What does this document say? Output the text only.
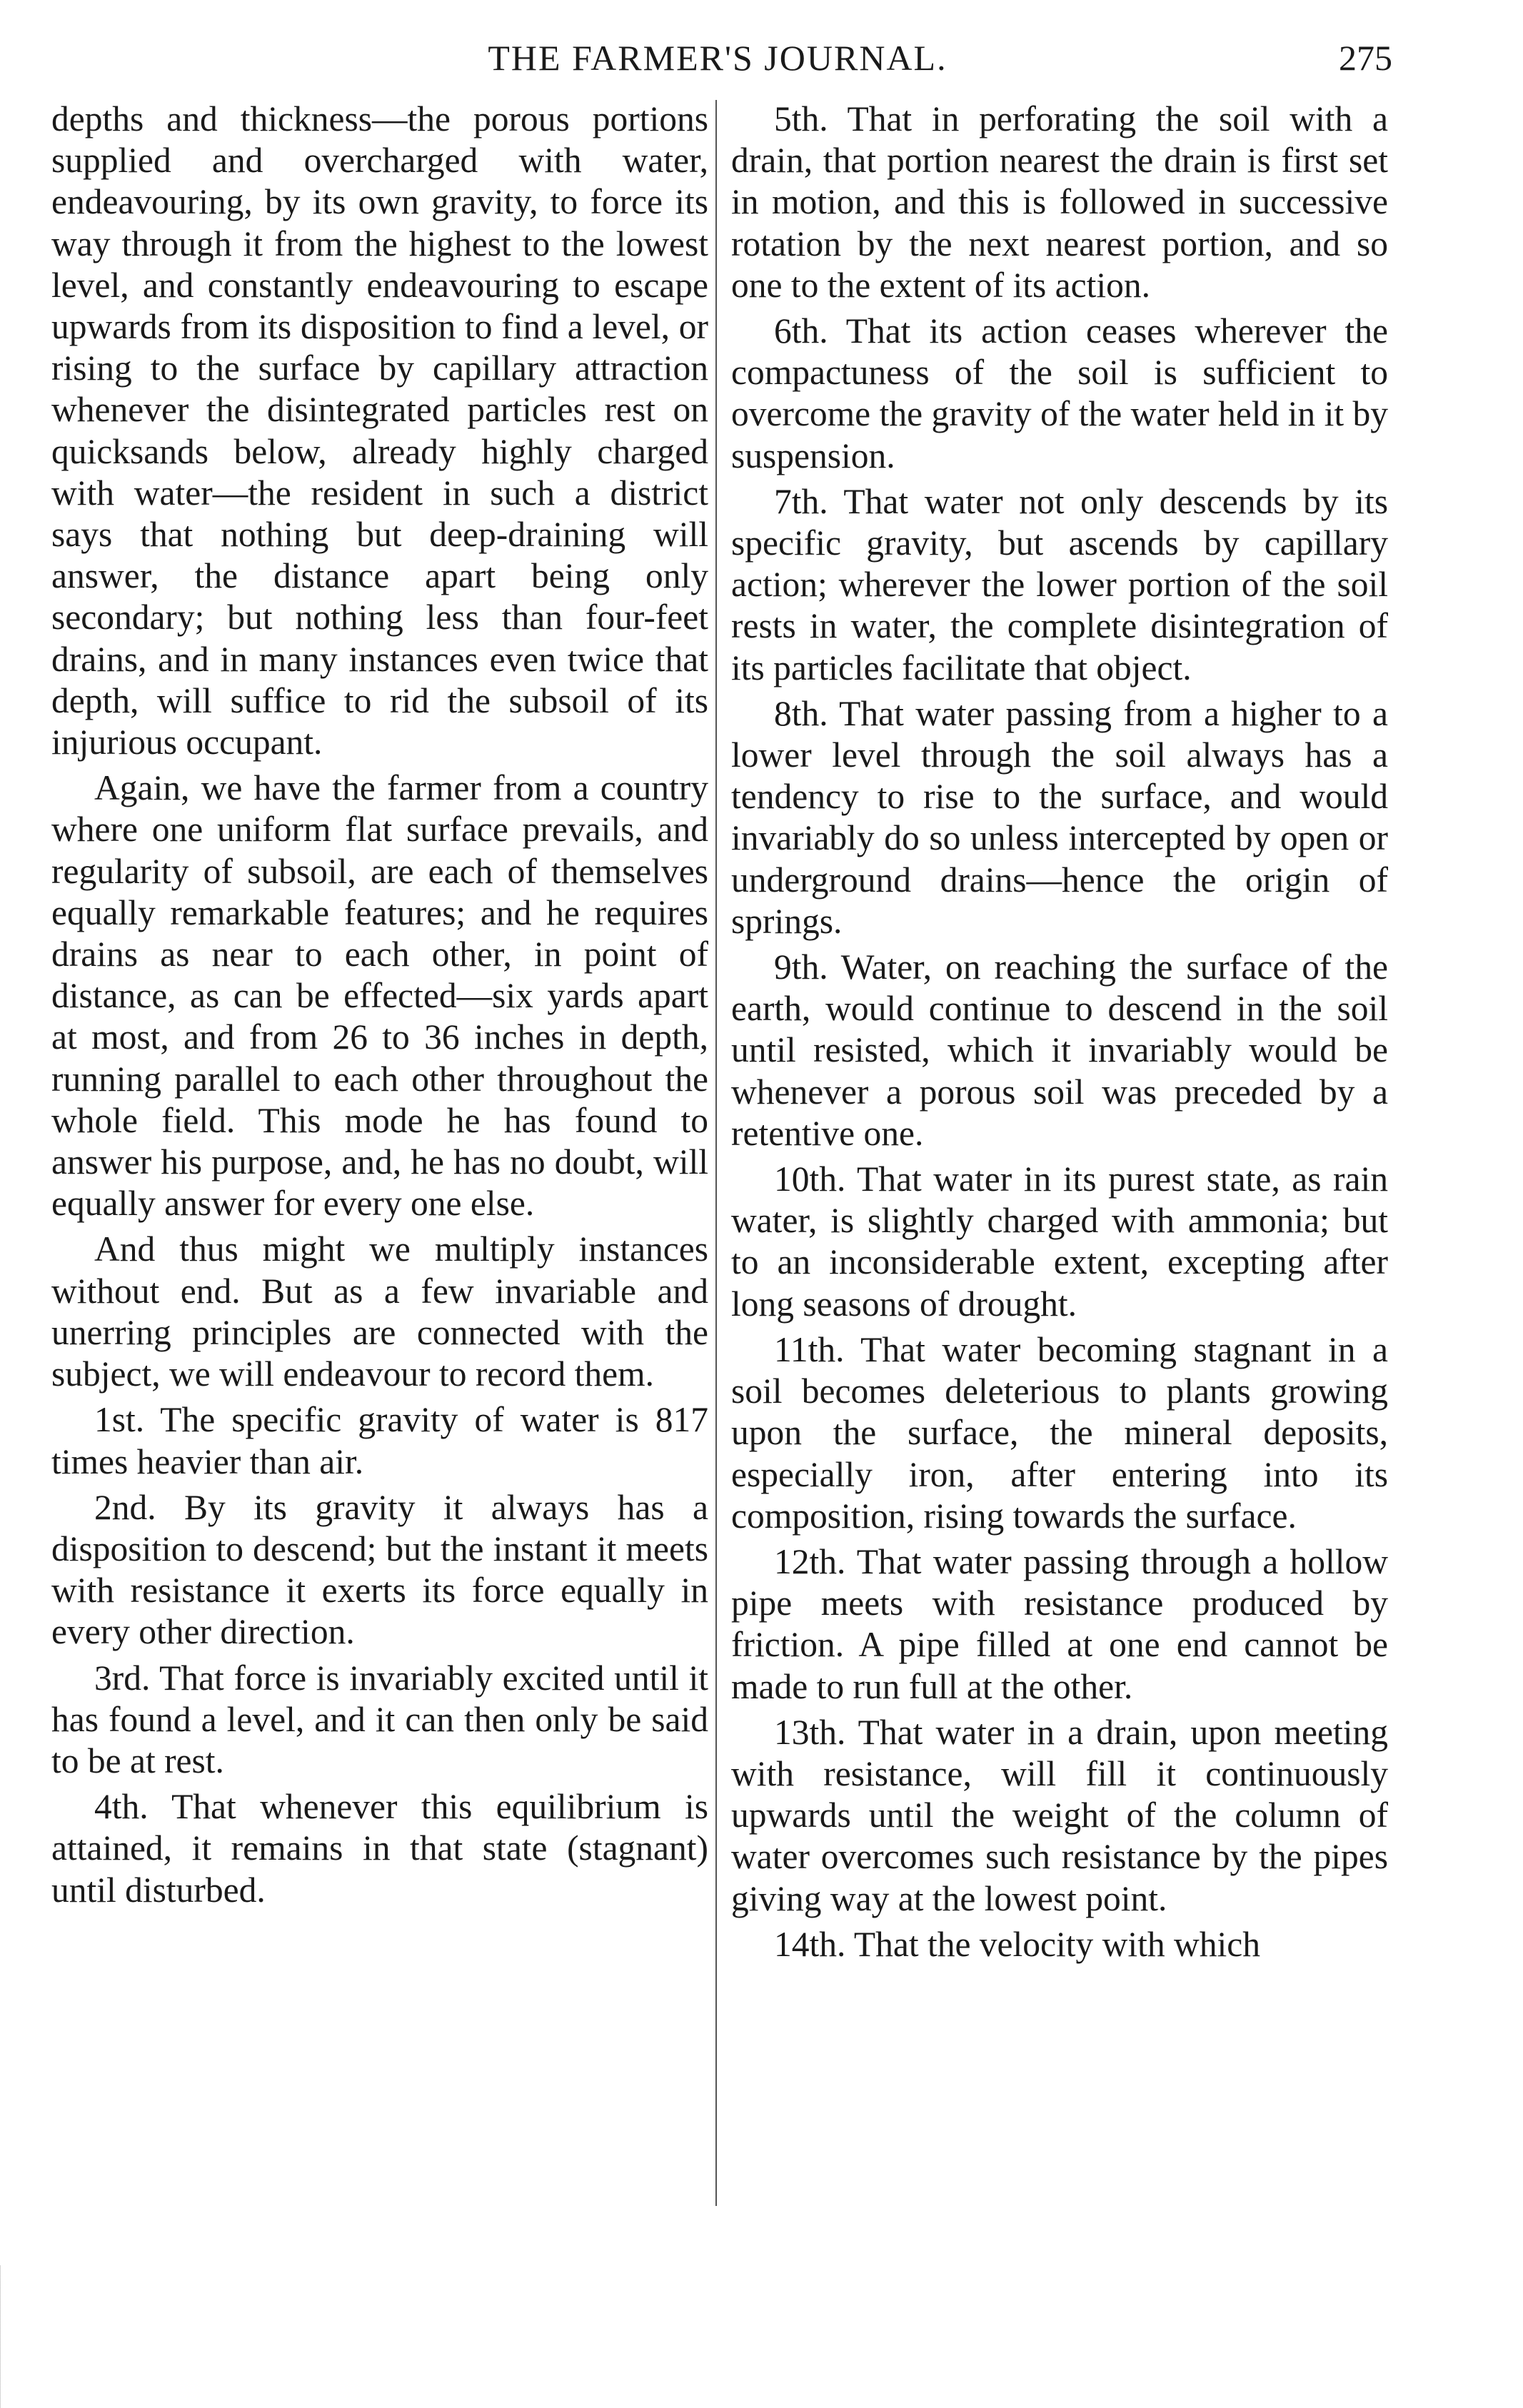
THE FARMER'S JOURNAL.	275

depths and thickness—the porous portions supplied and overcharged with water, endeavouring, by its own gravity, to force its way through it from the highest to the lowest level, and constantly endeavouring to escape upwards from its disposition to find a level, or rising to the surface by capillary attraction whenever the disintegrated particles rest on quicksands below, already highly charged with water—the resident in such a district says that nothing but deep-draining will answer, the distance apart being only secondary; but nothing less than four-feet drains, and in many instances even twice that depth, will suffice to rid the subsoil of its injurious occupant.

Again, we have the farmer from a country where one uniform flat surface prevails, and regularity of subsoil, are each of themselves equally remarkable features; and he requires drains as near to each other, in point of distance, as can be effected—six yards apart at most, and from 26 to 36 inches in depth, running parallel to each other throughout the whole field. This mode he has found to answer his purpose, and, he has no doubt, will equally answer for every one else.

And thus might we multiply instances without end. But as a few invariable and unerring principles are connected with the subject, we will endeavour to record them.

1st. The specific gravity of water is 817 times heavier than air.

2nd. By its gravity it always has a disposition to descend; but the instant it meets with resistance it exerts its force equally in every other direction.

3rd. That force is invariably excited until it has found a level, and it can then only be said to be at rest.

4th. That whenever this equilibrium is attained, it remains in that state (stagnant) until disturbed.

5th. That in perforating the soil with a drain, that portion nearest the drain is first set in motion, and this is followed in successive rotation by the next nearest portion, and so one to the extent of its action.

6th. That its action ceases wherever the compactuness of the soil is sufficient to overcome the gravity of the water held in it by suspension.

7th. That water not only descends by its specific gravity, but ascends by capillary action; wherever the lower portion of the soil rests in water, the complete disintegration of its particles facilitate that object.

8th. That water passing from a higher to a lower level through the soil always has a tendency to rise to the surface, and would invariably do so unless intercepted by open or underground drains—hence the origin of springs.

9th. Water, on reaching the surface of the earth, would continue to descend in the soil until resisted, which it invariably would be whenever a porous soil was preceded by a retentive one.

10th. That water in its purest state, as rain water, is slightly charged with ammonia; but to an inconsiderable extent, excepting after long seasons of drought.

11th. That water becoming stagnant in a soil becomes deleterious to plants growing upon the surface, the mineral deposits, especially iron, after entering into its composition, rising towards the surface.

12th. That water passing through a hollow pipe meets with resistance produced by friction. A pipe filled at one end cannot be made to run full at the other.

13th. That water in a drain, upon meeting with resistance, will fill it continuously upwards until the weight of the column of water overcomes such resistance by the pipes giving way at the lowest point.

14th. That the velocity with which
